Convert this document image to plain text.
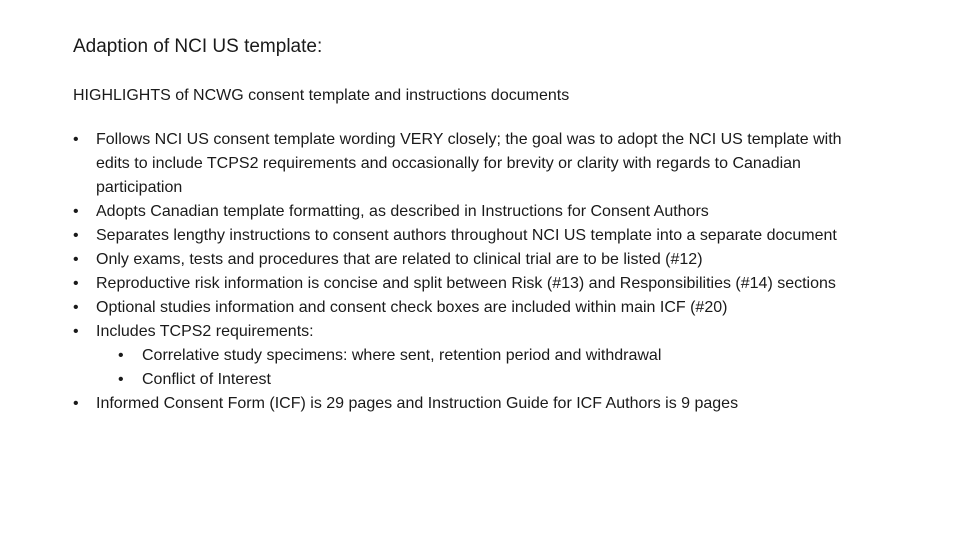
Adaption of NCI US template:
HIGHLIGHTS of NCWG consent template and instructions documents
•	Follows NCI US consent template wording VERY closely; the goal was to adopt the NCI US template with edits to include TCPS2 requirements and occasionally for brevity or clarity with regards to Canadian participation
•	Adopts Canadian template formatting, as described in Instructions for Consent Authors
•	Separates lengthy instructions to consent authors throughout NCI US template into a separate document
•	Only exams, tests and procedures that are related to clinical trial are to be listed (#12)
•	Reproductive risk information is concise and split between Risk (#13) and Responsibilities (#14) sections
•	Optional studies information and consent check boxes are included within main ICF (#20)
•	Includes TCPS2 requirements:
•	Correlative study specimens: where sent, retention period and withdrawal
•	Conflict of Interest
•	Informed Consent Form (ICF) is 29 pages and Instruction Guide for ICF Authors is 9 pages
